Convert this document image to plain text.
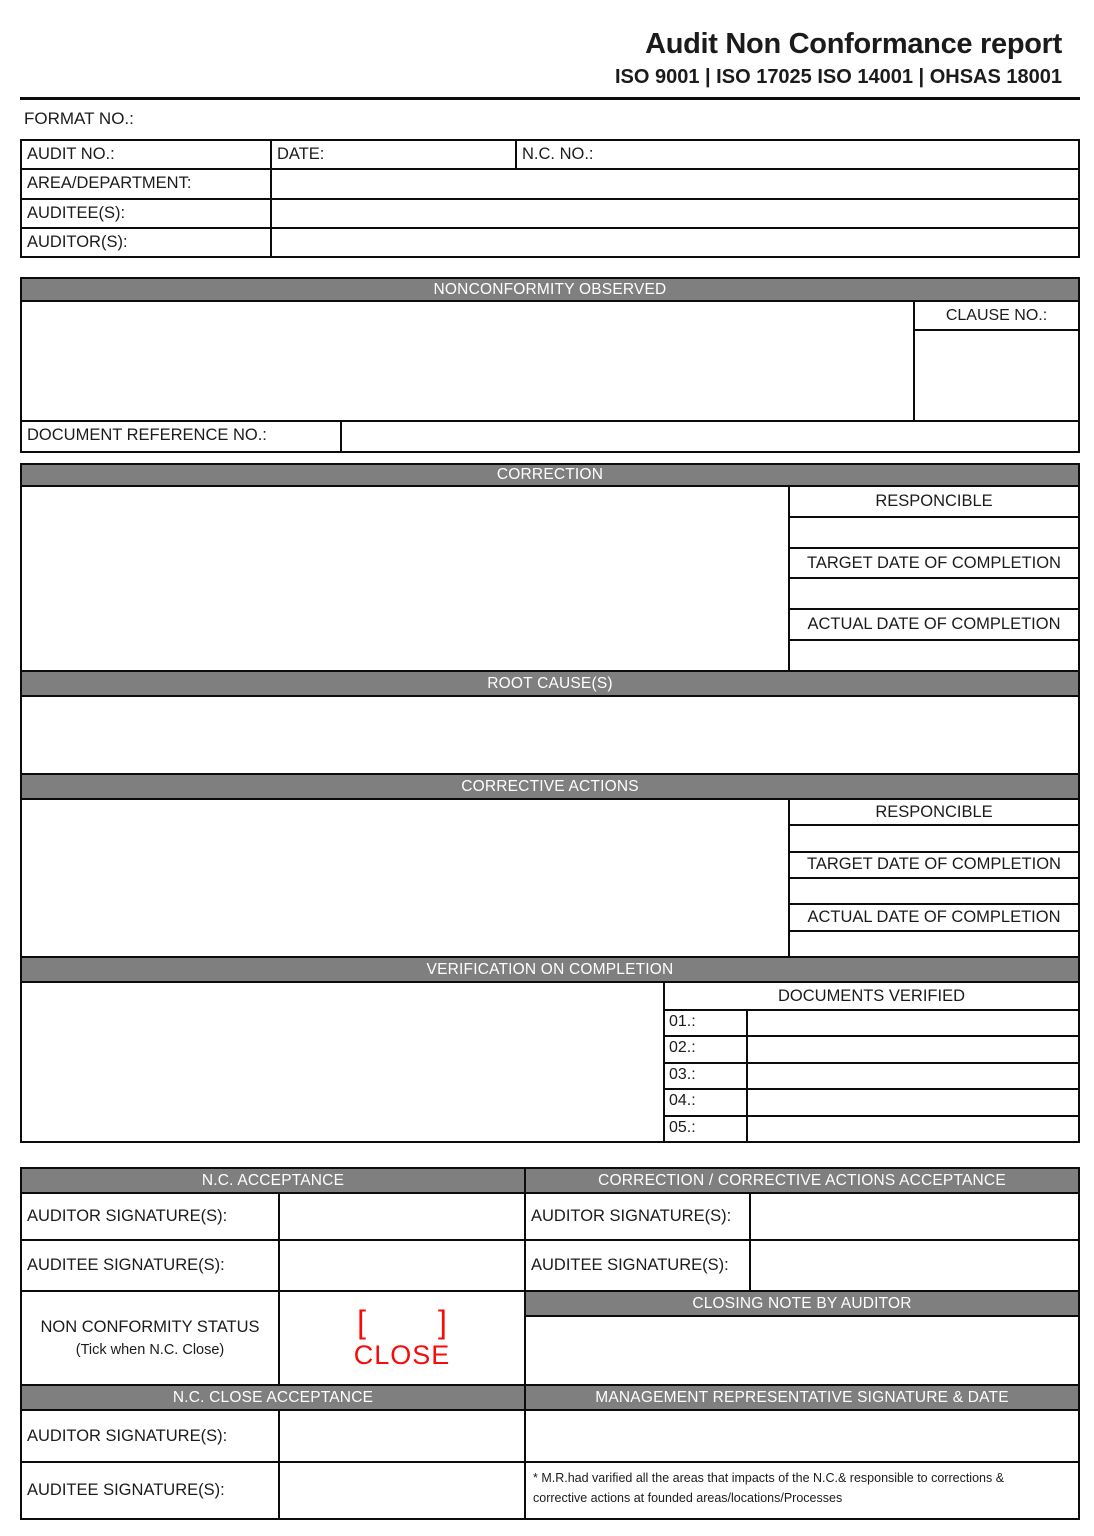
Audit Non Conformance report
ISO 9001 | ISO 17025 ISO 14001 | OHSAS 18001
FORMAT NO.:
AUDIT NO.:	DATE:	N.C. NO.:
AREA/DEPARTMENT:
AUDITEE(S):
AUDITOR(S):
NONCONFORMITY OBSERVED
CLAUSE NO.:
DOCUMENT REFERENCE NO.:
CORRECTION
RESPONCIBLE
TARGET DATE OF COMPLETION
ACTUAL DATE OF COMPLETION
ROOT CAUSE(S)
CORRECTIVE ACTIONS
RESPONCIBLE
TARGET DATE OF COMPLETION
ACTUAL DATE OF COMPLETION
VERIFICATION ON COMPLETION
DOCUMENTS VERIFIED
01.:
02.:
03.:
04.:
05.:
N.C. ACCEPTANCE	CORRECTION / CORRECTIVE ACTIONS ACCEPTANCE
AUDITOR SIGNATURE(S):	AUDITOR SIGNATURE(S):
AUDITEE SIGNATURE(S):	AUDITEE SIGNATURE(S):
NON CONFORMITY STATUS
(Tick when N.C. Close)
[ ]
CLOSE
CLOSING NOTE BY AUDITOR
N.C. CLOSE ACCEPTANCE	MANAGEMENT REPRESENTATIVE SIGNATURE & DATE
AUDITOR SIGNATURE(S):
AUDITEE SIGNATURE(S):
* M.R.had varified all the areas that impacts of the N.C.& responsible to corrections &
corrective actions at founded areas/locations/Processes
